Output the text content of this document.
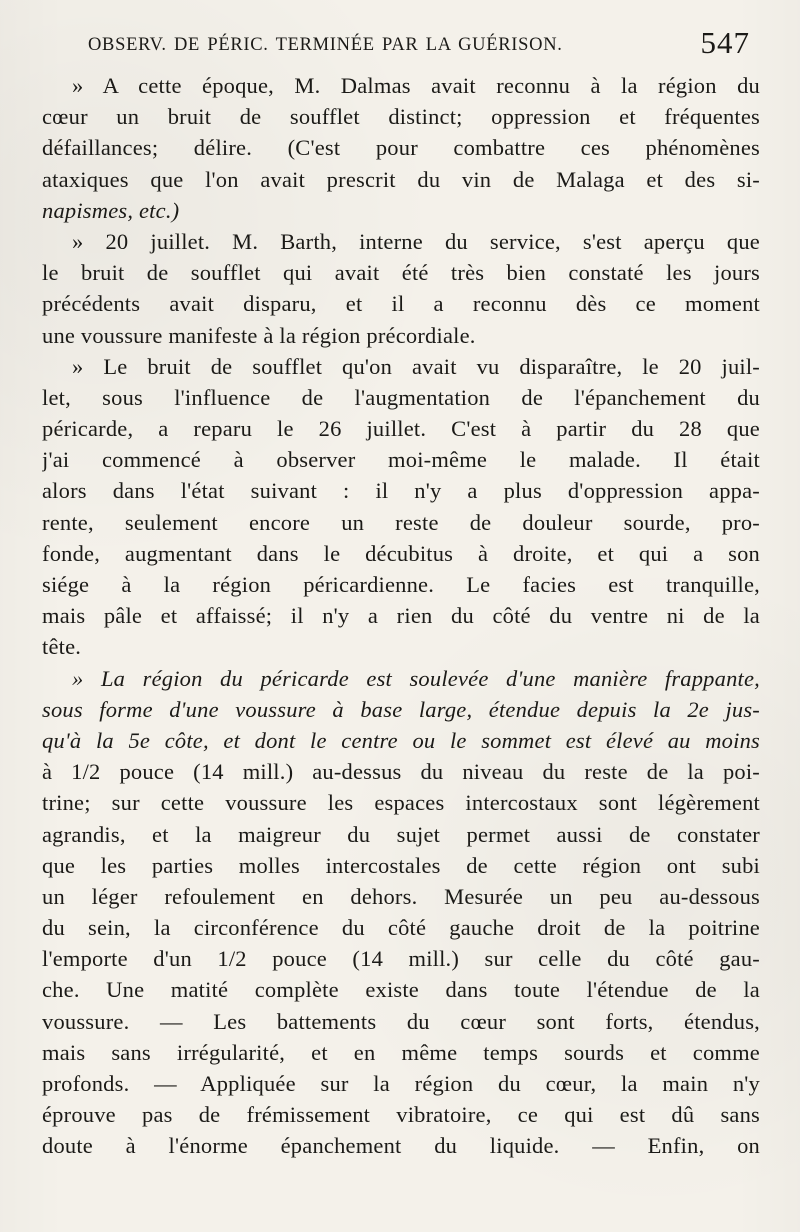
OBSERV. DE PÉRIC. TERMINÉE PAR LA GUÉRISON.	547
» A cette époque, M. Dalmas avait reconnu à la région du
cœur un bruit de soufflet distinct; oppression et fréquentes
défaillances; délire. (C'est pour combattre ces phénomènes
ataxiques que l'on avait prescrit du vin de Malaga et des si-
napismes, etc.)
» 20 juillet. M. Barth, interne du service, s'est aperçu que
le bruit de soufflet qui avait été très bien constaté les jours
précédents avait disparu, et il a reconnu dès ce moment
une voussure manifeste à la région précordiale.
» Le bruit de soufflet qu'on avait vu disparaître, le 20 juil-
let, sous l'influence de l'augmentation de l'épanchement du
péricarde, a reparu le 26 juillet. C'est à partir du 28 que
j'ai commencé à observer moi-même le malade. Il était
alors dans l'état suivant : il n'y a plus d'oppression appa-
rente, seulement encore un reste de douleur sourde, pro-
fonde, augmentant dans le décubitus à droite, et qui a son
siége à la région péricardienne. Le facies est tranquille,
mais pâle et affaissé; il n'y a rien du côté du ventre ni de la
tête.
» La région du péricarde est soulevée d'une manière frappante,
sous forme d'une voussure à base large, étendue depuis la 2e jus-
qu'à la 5e côte, et dont le centre ou le sommet est élevé au moins
à 1/2 pouce (14 mill.) au-dessus du niveau du reste de la poi-
trine; sur cette voussure les espaces intercostaux sont légèrement
agrandis, et la maigreur du sujet permet aussi de constater
que les parties molles intercostales de cette région ont subi
un léger refoulement en dehors. Mesurée un peu au-dessous
du sein, la circonférence du côté gauche droit de la poitrine
l'emporte d'un 1/2 pouce (14 mill.) sur celle du côté gau-
che. Une matité complète existe dans toute l'étendue de la
voussure. — Les battements du cœur sont forts, étendus,
mais sans irrégularité, et en même temps sourds et comme
profonds. — Appliquée sur la région du cœur, la main n'y
éprouve pas de frémissement vibratoire, ce qui est dû sans
doute à l'énorme épanchement du liquide. — Enfin, on
